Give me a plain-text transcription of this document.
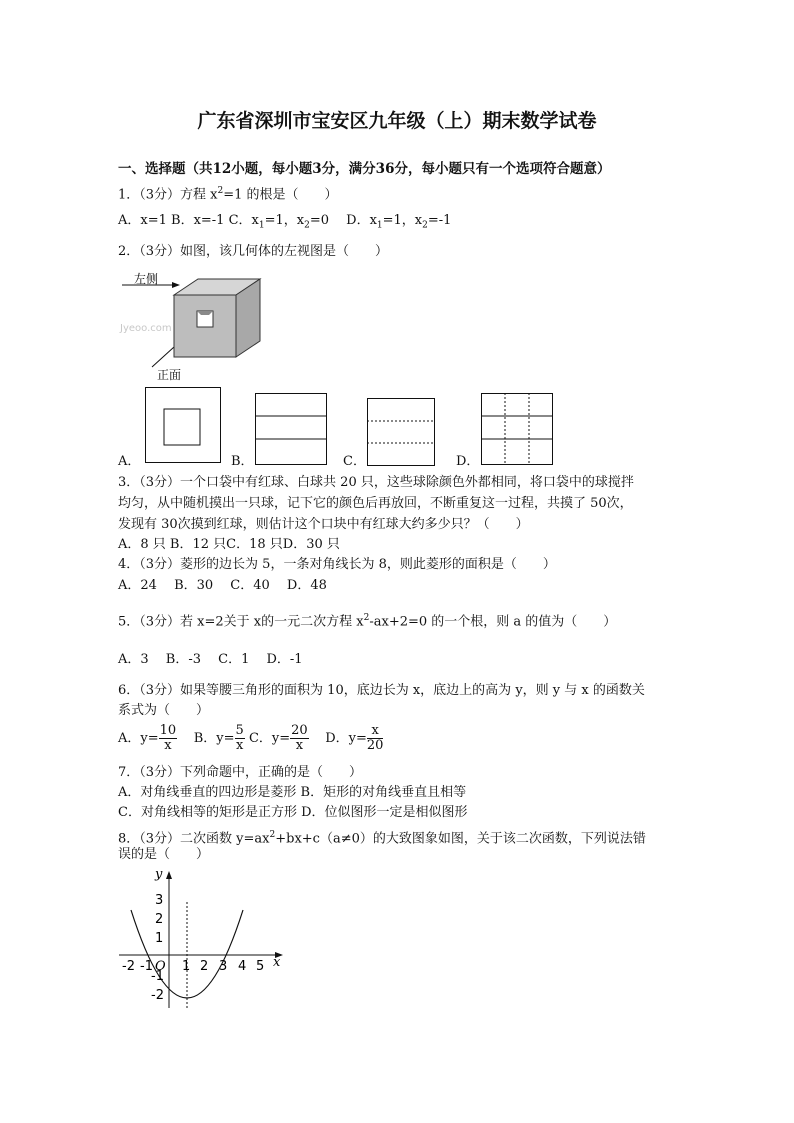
广东省深圳市宝安区九年级（上）期末数学试卷
一、选择题（共12小题，每小题3分，满分36分，每小题只有一个选项符合题意）
1．（3分）方程 $x^2=1$ 的根是（　　）
A．x=1 B．x=-1 C．$x_1=1$，$x_2=0$　 D．$x_1=1$，$x_2=-1$
2．（3分）如图，该几何体的左视图是（　　）
左侧
正面
Jyeoo.com
A．	B．	C．	D．
3．（3分）一个口袋中有红球、白球共 20 只，这些球除颜色外都相同，将口袋中的球搅拌
均匀，从中随机摸出一只球，记下它的颜色后再放回，不断重复这一过程，共摸了 50次，
发现有 30次摸到红球，则估计这个口块中有红球大约多少只？（　　）
A．8 只 B．12 只C．18 只D．30 只
4．（3分）菱形的边长为 5，一条对角线长为 8，则此菱形的面积是（　　）
A．24　 B．30　 C．40　 D．48
5．（3分）若 x=2关于 x的一元二次方程 $x^2-ax+2=0$ 的一个根，则 a 的值为（　　）
A．3　 B．-3　 C．1　 D．-1
6．（3分）如果等腰三角形的面积为 10，底边长为 x，底边上的高为 y，则 y 与 x 的函数关
系式为（　　）
A．$y= \frac{10}{x}$ B．$y= \frac{5}{x}$ C．$y= \frac{20}{x}$ D．$y= \frac{x}{20}$
7．（3分）下列命题中，正确的是（　　）
A．对角线垂直的四边形是菱形 B．矩形的对角线垂直且相等
C．对角线相等的矩形是正方形 D．位似图形一定是相似图形
8．（3分）二次函数 $y=ax^2+bx+c(a\ne 0)$的大致图象如图，关于该二次函数，下列说法错
误的是（　　）
y
x
O
-2 -1 1 2 3 4 5
3
2
1
-1
-2
